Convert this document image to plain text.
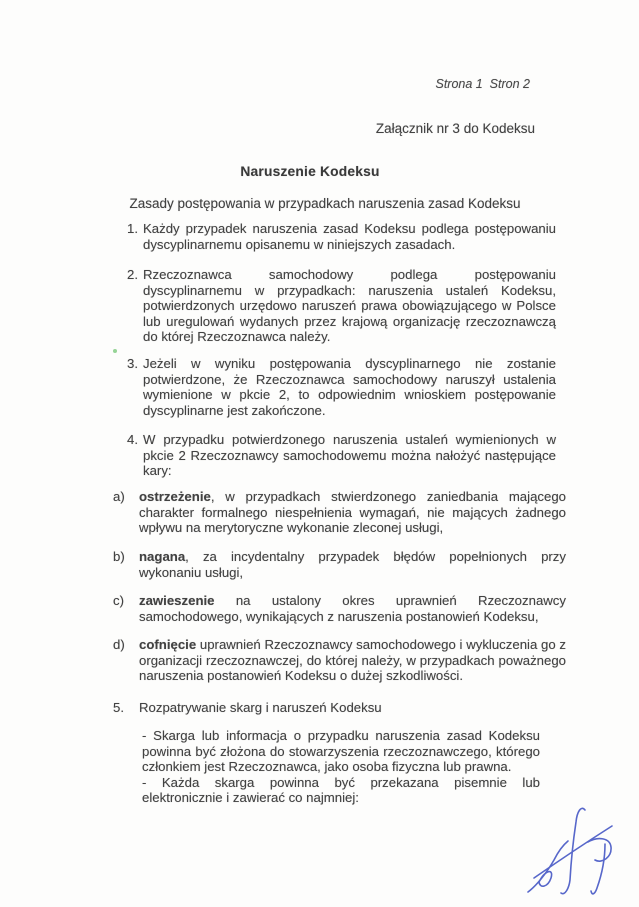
Strona 1  Stron 2
Załącznik nr 3 do Kodeksu
Naruszenie Kodeksu
Zasady postępowania w przypadkach naruszenia zasad Kodeksu
1. Każdy przypadek naruszenia zasad Kodeksu podlega postępowaniu dyscyplinarnemu opisanemu w niniejszych zasadach.
2. Rzeczoznawca samochodowy podlega postępowaniu dyscyplinarnemu w przypadkach: naruszenia ustaleń Kodeksu, potwierdzonych urzędowo naruszeń prawa obowiązującego w Polsce lub uregulowań wydanych przez krajową organizację rzeczoznawczą do której Rzeczoznawca należy.
3. Jeżeli w wyniku postępowania dyscyplinarnego nie zostanie potwierdzone, że Rzeczoznawca samochodowy naruszył ustalenia wymienione w pkcie 2, to odpowiednim wnioskiem postępowanie dyscyplinarne jest zakończone.
4. W przypadku potwierdzonego naruszenia ustaleń wymienionych w pkcie 2 Rzeczoznawcy samochodowemu można nałożyć następujące kary:
a) ostrzeżenie, w przypadkach stwierdzonego zaniedbania mającego charakter formalnego niespełnienia wymagań, nie mających żadnego wpływu na merytoryczne wykonanie zleconej usługi,
b) nagana, za incydentalny przypadek błędów popełnionych przy wykonaniu usługi,
c) zawieszenie na ustalony okres uprawnień Rzeczoznawcy samochodowego, wynikających z naruszenia postanowień Kodeksu,
d) cofnięcie uprawnień Rzeczoznawcy samochodowego i wykluczenia go z organizacji rzeczoznawczej, do której należy, w przypadkach poważnego naruszenia postanowień Kodeksu o dużej szkodliwości.
5. Rozpatrywanie skarg i naruszeń Kodeksu

- Skarga lub informacja o przypadku naruszenia zasad Kodeksu powinna być złożona do stowarzyszenia rzeczoznawczego, którego członkiem jest Rzeczoznawca, jako osoba fizyczna lub prawna.

- Każda skarga powinna być przekazana pisemnie lub elektronicznie i zawierać co najmniej:
